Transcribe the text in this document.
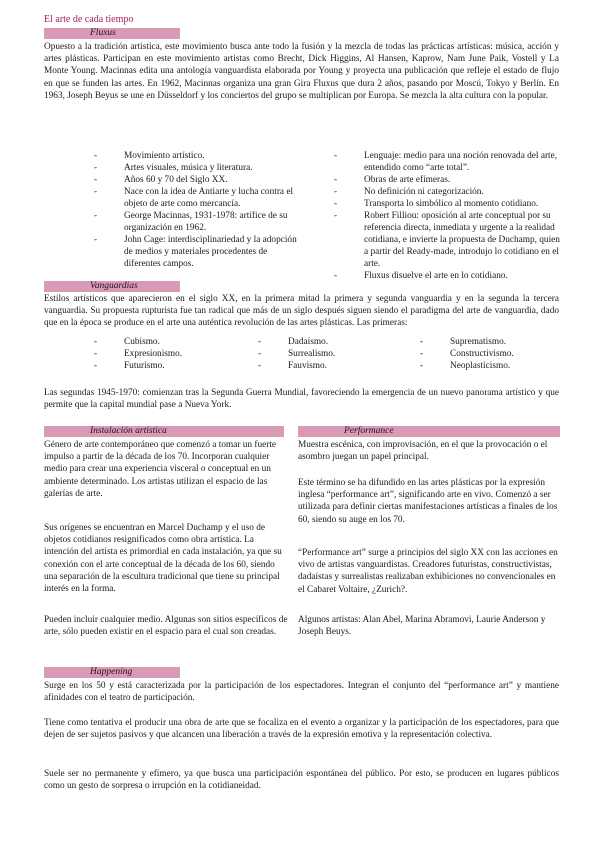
El arte de cada tiempo
Fluxus
Opuesto a la tradición artística, este movimiento busca ante todo la fusión y la mezcla de todas las prácticas artísticas: música, acción y artes plásticas. Participan en este movimiento artistas como Brecht, Dick Higgins, Al Hansen, Kaprow, Nam June Paik, Vostell y La Monte Young. Macinnas edita una antología vanguardista elaborada por Young y proyecta una publicación que refleje el estado de flujo en que se funden las artes. En 1962, Macinnas organiza una gran Gira Fluxus que dura 2 años, pasando por Moscú, Tokyo y Berlín. En 1963, Joseph Beyus se une en Düsseldorf y los conciertos del grupo se multiplican por Europa. Se mezcla la alta cultura con la popular.
- Movimiento artístico.
- Artes visuales, música y literatura.
- Años 60 y 70 del Siglo XX.
- Nace con la idea de Antiarte y lucha contra el objeto de arte como mercancía.
- George Macinnas, 1931-1978: artífice de su organización en 1962.
- John Cage: interdisciplinariedad y la adopción de medios y materiales procedentes de diferentes campos.
- Lenguaje: medio para una noción renovada del arte, entendido como “arte total”.
- Obras de arte efímeras.
- No definición ni categorización.
- Transporta lo simbólico al momento cotidiano.
- Robert Filliou: oposición al arte conceptual por su referencia directa, inmediata y urgente a la realidad cotidiana, e invierte la propuesta de Duchamp, quien a partir del Ready-made, introdujo lo cotidiano en el arte.
- Fluxus disuelve el arte en lo cotidiano.
Vanguardias
Estilos artísticos que aparecieron en el siglo XX, en la primera mitad la primera y segunda vanguardia y en la segunda la tercera vanguardia. Su propuesta rupturista fue tan radical que más de un siglo después siguen siendo el paradigma del arte de vanguardia, dado que en la época se produce en el arte una auténtica revolución de las artes plásticas. Las primeras:
- Cubismo.
- Expresionismo.
- Futurismo.
- Dadaísmo.
- Surrealismo.
- Fauvismo.
- Suprematismo.
- Constructivismo.
- Neoplasticismo.
Las segundas 1945-1970: comienzan tras la Segunda Guerra Mundial, favoreciendo la emergencia de un nuevo panorama artístico y que permite que la capital mundial pase a Nueva York.
Instalación artística
Género de arte contemporáneo que comenzó a tomar un fuerte impulso a partir de la década de los 70. Incorporan cualquier medio para crear una experiencia visceral o conceptual en un ambiente determinado. Los artistas utilizan el espacio de las galerías de arte.
Sus orígenes se encuentran en Marcel Duchamp y el uso de objetos cotidianos resignificados como obra artística. La intención del artista es primordial en cada instalación, ya que su conexión con el arte conceptual de la década de los 60, siendo una separación de la escultura tradicional que tiene su principal interés en la forma.
Pueden incluir cualquier medio. Algunas son sitios específicos de arte, sólo pueden existir en el espacio para el cual son creadas.
Performance
Muestra escénica, con improvisación, en el que la provocación o el asombro juegan un papel principal.
Este término se ha difundido en las artes plásticas por la expresión inglesa “performance art”, significando arte en vivo. Comenzó a ser utilizada para definir ciertas manifestaciones artísticas a finales de los 60, siendo su auge en los 70.
“Performance art” surge a principios del siglo XX con las acciones en vivo de artistas vanguardistas. Creadores futuristas, constructivistas, dadaístas y surrealistas realizaban exhibiciones no convencionales en el Cabaret Voltaire, ¿Zurich?.
Algunos artistas: Alan Abel, Marina Abramovi, Laurie Anderson y Joseph Beuys.
Happening
Surge en los 50 y está caracterizada por la participación de los espectadores. Integran el conjunto del “performance art” y mantiene afinidades con el teatro de participación.
Tiene como tentativa el producir una obra de arte que se focaliza en el evento a organizar y la participación de los espectadores, para que dejen de ser sujetos pasivos y que alcancen una liberación a través de la expresión emotiva y la representación colectiva.
Suele ser no permanente y efímero, ya que busca una participación espontánea del público. Por esto, se producen en lugares públicos como un gesto de sorpresa o irrupción en la cotidianeidad.
